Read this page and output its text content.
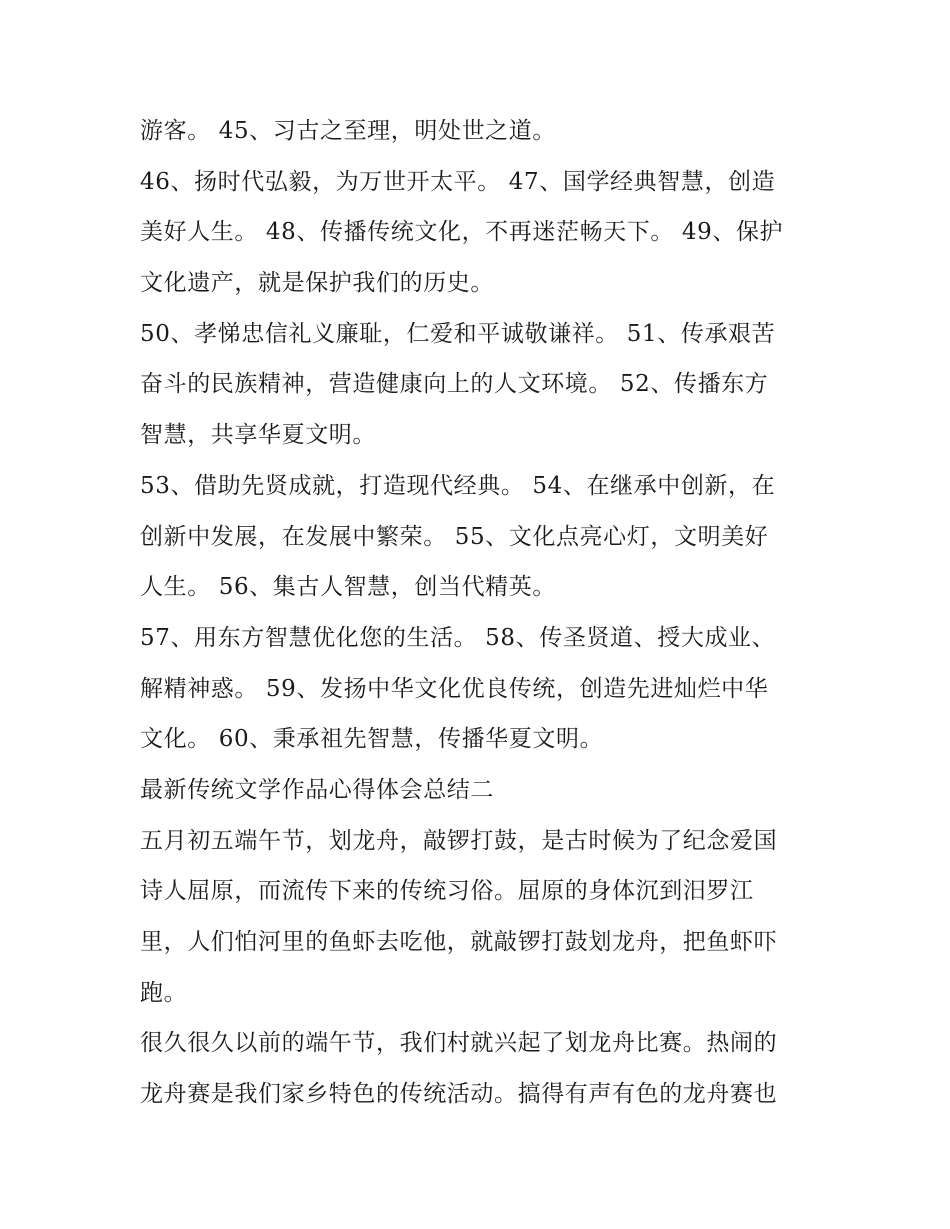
游客。 45、习古之至理，明处世之道。

46、扬时代弘毅，为万世开太平。 47、国学经典智慧，创造
美好人生。 48、传播传统文化，不再迷茫畅天下。 49、保护
文化遗产，就是保护我们的历史。

50、孝悌忠信礼义廉耻，仁爱和平诚敬谦祥。 51、传承艰苦
奋斗的民族精神，营造健康向上的人文环境。 52、传播东方
智慧，共享华夏文明。

53、借助先贤成就，打造现代经典。 54、在继承中创新，在
创新中发展，在发展中繁荣。 55、文化点亮心灯，文明美好
人生。 56、集古人智慧，创当代精英。

57、用东方智慧优化您的生活。 58、传圣贤道、授大成业、
解精神惑。 59、发扬中华文化优良传统，创造先进灿烂中华
文化。 60、秉承祖先智慧，传播华夏文明。

最新传统文学作品心得体会总结二

五月初五端午节，划龙舟，敲锣打鼓，是古时候为了纪念爱国
诗人屈原，而流传下来的传统习俗。屈原的身体沉到汨罗江
里，人们怕河里的鱼虾去吃他，就敲锣打鼓划龙舟，把鱼虾吓
跑。

很久很久以前的端午节，我们村就兴起了划龙舟比赛。热闹的
龙舟赛是我们家乡特色的传统活动。搞得有声有色的龙舟赛也
